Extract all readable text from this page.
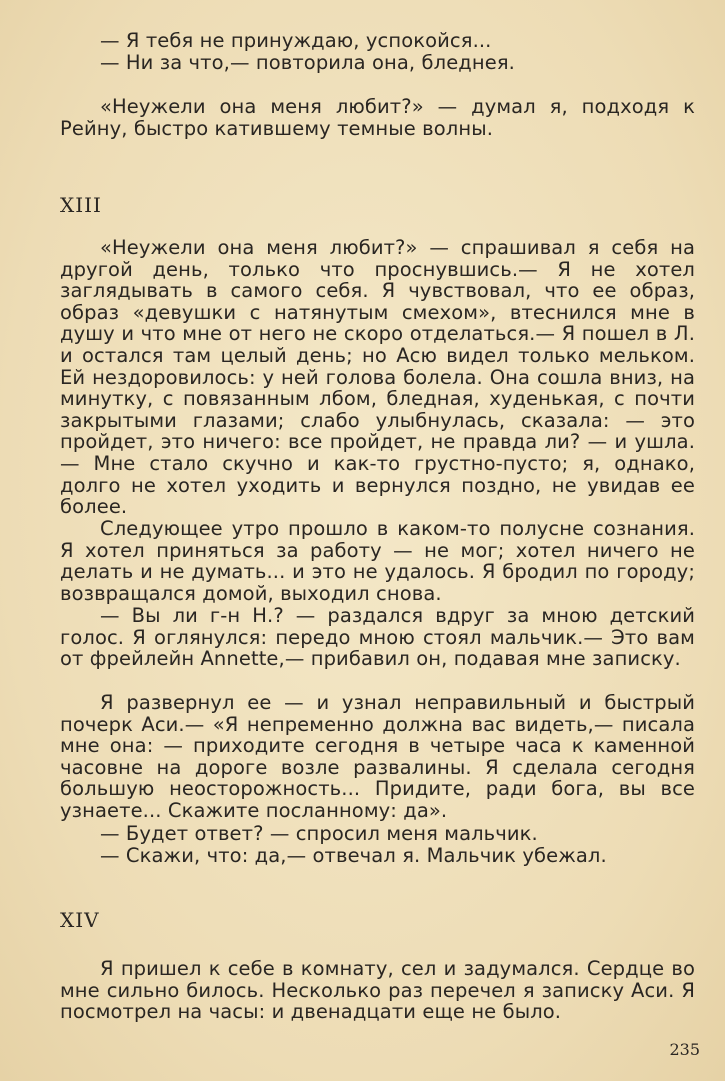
— Я тебя не принуждаю, успокойся...

— Ни за что,— повторила она, бледнея.

«Неужели она меня любит?» — думал я, подходя к Рейну, быстро катившему темные волны.

XIII

«Неужели она меня любит?» — спрашивал я себя на другой день, только что проснувшись.— Я не хотел заглядывать в самого себя. Я чувствовал, что ее образ, образ «девушки с натянутым смехом», втеснился мне в душу и что мне от него не скоро отделаться.— Я пошел в Л. и остался там целый день; но Асю видел только мельком. Ей нездоровилось: у ней голова болела. Она сошла вниз, на минутку, с повязанным лбом, бледная, худенькая, с почти закрытыми глазами; слабо улыбнулась, сказала: — это пройдет, это ничего: все пройдет, не правда ли? — и ушла.— Мне стало скучно и как-то грустно-пусто; я, однако, долго не хотел уходить и вернулся поздно, не увидав ее более.

Следующее утро прошло в каком-то полусне сознания. Я хотел приняться за работу — не мог; хотел ничего не делать и не думать... и это не удалось. Я бродил по городу; возвращался домой, выходил снова.

— Вы ли г-н Н.? — раздался вдруг за мною детский голос. Я оглянулся: передо мною стоял мальчик.— Это вам от фрейлейн Annette,— прибавил он, подавая мне записку.

Я развернул ее — и узнал неправильный и быстрый почерк Аси.— «Я непременно должна вас видеть,— писала мне она: — приходите сегодня в четыре часа к каменной часовне на дороге возле развалины. Я сделала сегодня большую неосторожность... Придите, ради бога, вы все узнаете... Скажите посланному: да».

— Будет ответ? — спросил меня мальчик.

— Скажи, что: да,— отвечал я. Мальчик убежал.

XIV

Я пришел к себе в комнату, сел и задумался. Сердце во мне сильно билось. Несколько раз перечел я записку Аси. Я посмотрел на часы: и двенадцати еще не было.

235
